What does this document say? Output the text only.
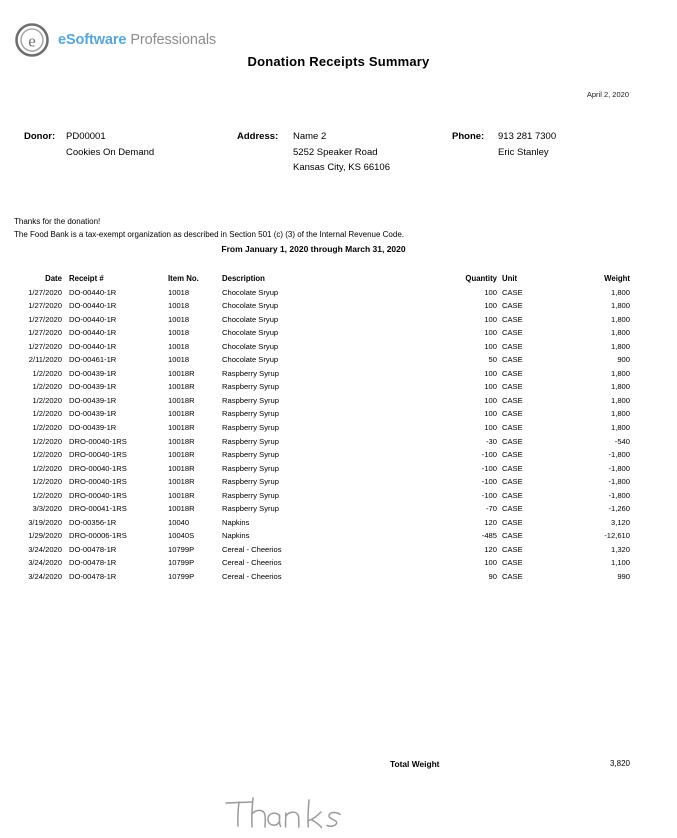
e eSoftware Professionals
Donation Receipts Summary
April 2, 2020
Donor:	PD00001
Cookies On Demand
Address:	Name 2
5252 Speaker Road
Kansas City, KS 66106
Phone:	913 281 7300
Eric Stanley
Thanks for the donation!
The Food Bank is a tax-exempt organization as described in Section 501 (c) (3) of the Internal Revenue Code.
From January 1, 2020 through March 31, 2020
Date Receipt #	Item No.	Description	Quantity Unit	Weight
1/27/2020 DO-00440-1R	10018	Chocolate Sryup	100 CASE	1,800
1/27/2020 DO-00440-1R	10018	Chocolate Sryup	100 CASE	1,800
1/27/2020 DO-00440-1R	10018	Chocolate Sryup	100 CASE	1,800
1/27/2020 DO-00440-1R	10018	Chocolate Sryup	100 CASE	1,800
1/27/2020 DO-00440-1R	10018	Chocolate Sryup	100 CASE	1,800
2/11/2020 DO-00461-1R	10018	Chocolate Sryup	50 CASE	900
1/2/2020 DO-00439-1R	10018R	Raspberry Syrup	100 CASE	1,800
1/2/2020 DO-00439-1R	10018R	Raspberry Syrup	100 CASE	1,800
1/2/2020 DO-00439-1R	10018R	Raspberry Syrup	100 CASE	1,800
1/2/2020 DO-00439-1R	10018R	Raspberry Syrup	100 CASE	1,800
1/2/2020 DO-00439-1R	10018R	Raspberry Syrup	100 CASE	1,800
1/2/2020 DRO-00040-1RS	10018R	Raspberry Syrup	-30 CASE	-540
1/2/2020 DRO-00040-1RS	10018R	Raspberry Syrup	-100 CASE	-1,800
1/2/2020 DRO-00040-1RS	10018R	Raspberry Syrup	-100 CASE	-1,800
1/2/2020 DRO-00040-1RS	10018R	Raspberry Syrup	-100 CASE	-1,800
1/2/2020 DRO-00040-1RS	10018R	Raspberry Syrup	-100 CASE	-1,800
3/3/2020 DRO-00041-1RS	10018R	Raspberry Syrup	-70 CASE	-1,260
3/19/2020 DO-00356-1R	10040	Napkins	120 CASE	3,120
1/29/2020 DRO-00006-1RS	10040S	Napkins	-485 CASE	-12,610
3/24/2020 DO-00478-1R	10799P	Cereal - Cheerios	120 CASE	1,320
3/24/2020 DO-00478-1R	10799P	Cereal - Cheerios	100 CASE	1,100
3/24/2020 DO-00478-1R	10799P	Cereal - Cheerios	90 CASE	990
Total Weight	3,820
